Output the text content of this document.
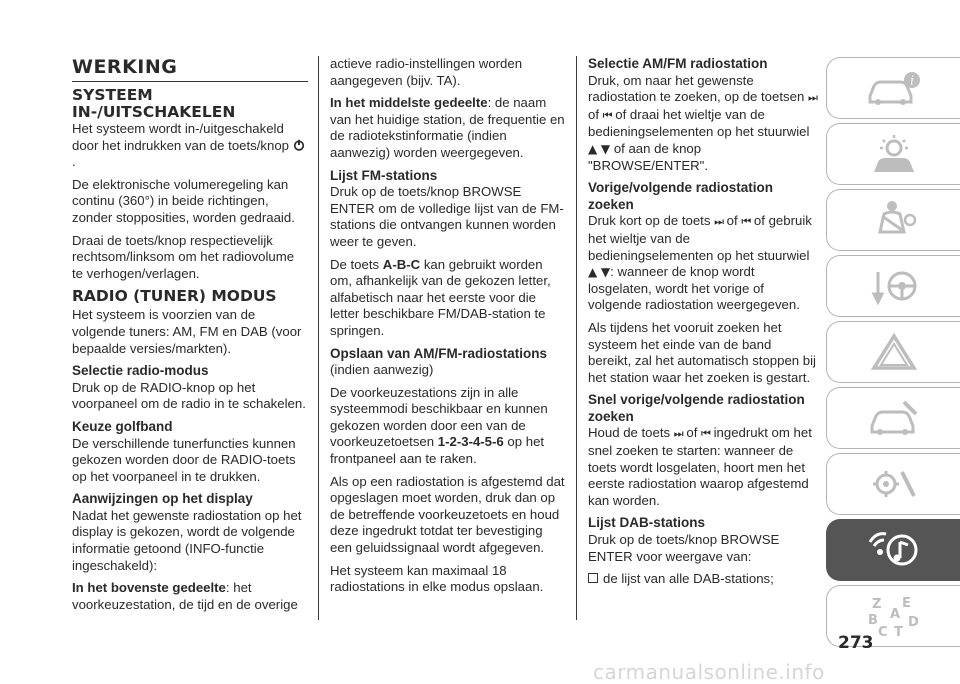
WERKING
SYSTEEM IN-/UITSCHAKELEN

Het systeem wordt in-/uitgeschakeld door het indrukken van de toets/knop  .

De elektronische volumeregeling kan continu (360°) in beide richtingen, zonder stopposities, worden gedraaid.

Draai de toets/knop respectievelijk rechtsom/linksom om het radiovolume te verhogen/verlagen.

RADIO (TUNER) MODUS

Het systeem is voorzien van de volgende tuners: AM, FM en DAB (voor bepaalde versies/markten).

Selectie radio-modus

Druk op de RADIO-knop op het voorpaneel om de radio in te schakelen.

Keuze golfband

De verschillende tunerfuncties kunnen gekozen worden door de RADIO-toets op het voorpaneel in te drukken.

Aanwijzingen op het display

Nadat het gewenste radiostation op het display is gekozen, wordt de volgende informatie getoond (INFO-functie ingeschakeld):

In het bovenste gedeelte: het voorkeuzestation, de tijd en de overige

actieve radio-instellingen worden aangegeven (bijv. TA).

In het middelste gedeelte: de naam van het huidige station, de frequentie en de radiotekstinformatie (indien aanwezig) worden weergegeven.

Lijst FM-stations

Druk op de toets/knop BROWSE ENTER om de volledige lijst van de FM-stations die ontvangen kunnen worden weer te geven.

De toets A-B-C kan gebruikt worden om, afhankelijk van de gekozen letter, alfabetisch naar het eerste voor die letter beschikbare FM/DAB-station te springen.

Opslaan van AM/FM-radiostations

(indien aanwezig)

De voorkeuzestations zijn in alle systeemmodi beschikbaar en kunnen gekozen worden door een van de voorkeuzetoetsen 1-2-3-4-5-6 op het frontpaneel aan te raken.

Als op een radiostation is afgestemd dat opgeslagen moet worden, druk dan op de betreffende voorkeuzetoets en houd deze ingedrukt totdat ter bevestiging een geluidssignaal wordt afgegeven.

Het systeem kan maximaal 18 radiostations in elke modus opslaan.

Selectie AM/FM radiostation

Druk, om naar het gewenste radiostation te zoeken, op de toetsen ⏭ of ⏮ of draai het wieltje van de bedieningselementen op het stuurwiel ▲ ▼ of aan de knop "BROWSE/ENTER".

Vorige/volgende radiostation zoeken

Druk kort op de toets ⏭ of ⏮ of gebruik het wieltje van de bedieningselementen op het stuurwiel ▲ ▼: wanneer de knop wordt losgelaten, wordt het vorige of volgende radiostation weergegeven.

Als tijdens het vooruit zoeken het systeem het einde van de band bereikt, zal het automatisch stoppen bij het station waar het zoeken is gestart.

Snel vorige/volgende radiostation zoeken

Houd de toets ⏭ of ⏮ ingedrukt om het snel zoeken te starten: wanneer de toets wordt losgelaten, hoort men het eerste radiostation waarop afgestemd kan worden.

Lijst DAB-stations

Druk op de toets/knop BROWSE ENTER voor weergave van:

de lijst van alle DAB-stations;

i
Z E
B A
D
C T
273
carmanualsonline.info
